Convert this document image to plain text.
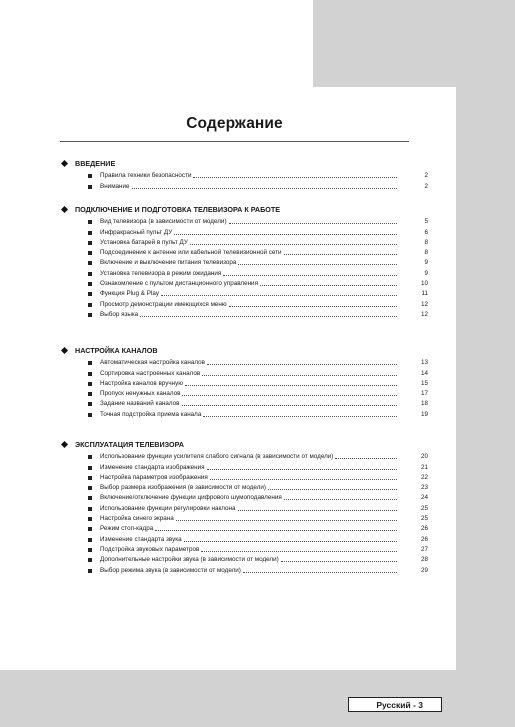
Русский - 3
Содержание
ВВЕДЕНИЕ
Правила техники безопасности	2
Внимание	2
ПОДКЛЮЧЕНИЕ И ПОДГОТОВКА ТЕЛЕВИЗОРА К РАБОТЕ
Вид телевизора (в зависимости от модели)	5
Инфракрасный пульт ДУ	6
Установка батарей в пульт ДУ	8
Подсоединение к антенне или кабельной телевизионной сети	8
Включение и выключение питания телевизора	9
Установка телевизора в режим ожидания	9
Ознакомление с пультом дистанционного управления	10
Функция Plug & Play	11
Просмотр демонстрации имеющихся меню	12
Выбор языка	12
НАСТРОЙКА КАНАЛОВ
Автоматическая настройка каналов	13
Сортировка настроенных каналов	14
Настройка каналов вручную	15
Пропуск ненужных каналов	17
Задание названий каналов	18
Точная подстройка приема канала	19
ЭКСПЛУАТАЦИЯ ТЕЛЕВИЗОРА
Использование функции усилителя слабого сигнала (в зависимости от модели)	20
Изменение стандарта изображения	21
Настройка параметров изображения	22
Выбор размера изображения (в зависимости от модели)	23
Включение/отключение функции цифрового шумоподавления	24
Использование функции регулировки наклона	25
Настройка синего экрана	25
Режим стоп-кадра	26
Изменение стандарта звука	26
Подстройка звуковых параметров	27
Дополнительные настройки звука (в зависимости от модели)	28
Выбор режима звука (в зависимости от модели)	29
